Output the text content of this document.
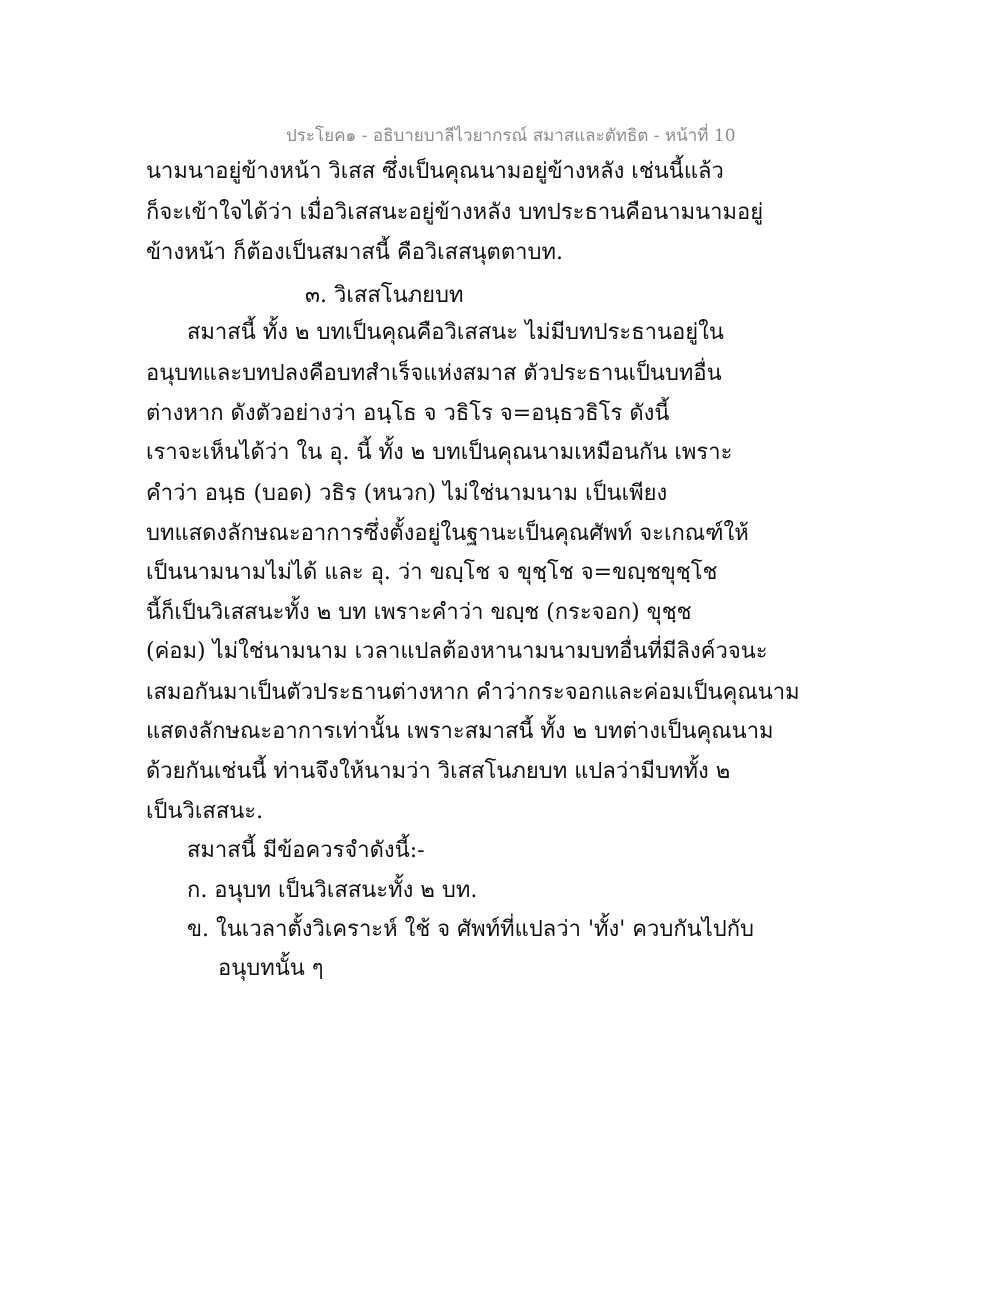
ประโยค๑ - อธิบายบาลีไวยากรณ์ สมาสและตัทธิต - หน้าที่ 10
นามนาอยู่ข้างหน้า วิเสส ซึ่งเป็นคุณนามอยู่ข้างหลัง เช่นนี้แล้ว
ก็จะเข้าใจได้ว่า เมื่อวิเสสนะอยู่ข้างหลัง บทประธานคือนามนามอยู่
ข้างหน้า ก็ต้องเป็นสมาสนี้ คือวิเสสนุตตาบท.
๓. วิเสสโนภยบท
สมาสนี้ ทั้ง ๒ บทเป็นคุณคือวิเสสนะ ไม่มีบทประธานอยู่ใน
อนุบทและบทปลงคือบทสำเร็จแห่งสมาส ตัวประธานเป็นบทอื่น
ต่างหาก ดังตัวอย่างว่า อนฺโธ จ วธิโร จ=อนฺธวธิโร ดังนี้
เราจะเห็นได้ว่า ใน อุ. นี้ ทั้ง ๒ บทเป็นคุณนามเหมือนกัน เพราะ
คำว่า อนฺธ (บอด) วธิร (หนวก) ไม่ใช่นามนาม เป็นเพียง
บทแสดงลักษณะอาการซึ่งตั้งอยู่ในฐานะเป็นคุณศัพท์ จะเกณฑ์ให้
เป็นนามนามไม่ได้ และ อุ. ว่า ขญฺโช จ ขุชฺโช จ=ขญฺชขุชฺโช
นี้ก็เป็นวิเสสนะทั้ง ๒ บท เพราะคำว่า ขญฺช (กระจอก) ขุชฺช
(ค่อม) ไม่ใช่นามนาม เวลาแปลต้องหานามนามบทอื่นที่มีลิงค์วจนะ
เสมอกันมาเป็นตัวประธานต่างหาก คำว่ากระจอกและค่อมเป็นคุณนาม
แสดงลักษณะอาการเท่านั้น เพราะสมาสนี้ ทั้ง ๒ บทต่างเป็นคุณนาม
ด้วยกันเช่นนี้ ท่านจึงให้นามว่า วิเสสโนภยบท แปลว่ามีบททั้ง ๒
เป็นวิเสสนะ.
สมาสนี้ มีข้อควรจำดังนี้:-
ก. อนุบท เป็นวิเสสนะทั้ง ๒ บท.
ข. ในเวลาตั้งวิเคราะห์ ใช้ จ ศัพท์ที่แปลว่า 'ทั้ง' ควบกันไปกับ
อนุบทนั้น ๆ
